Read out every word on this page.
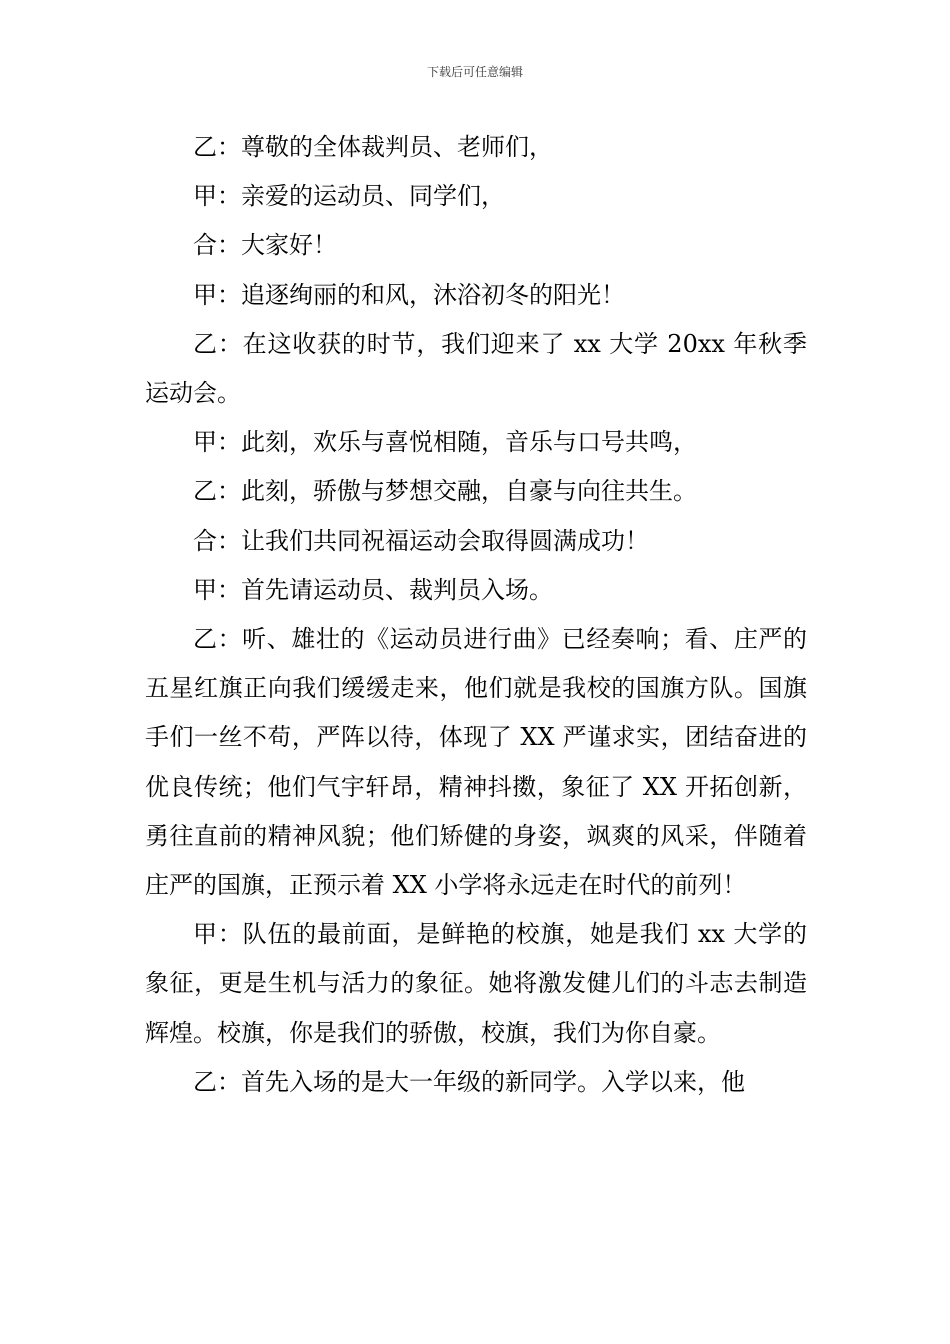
下载后可任意编辑

乙：尊敬的全体裁判员、老师们，

甲：亲爱的运动员、同学们，

合：大家好！

甲：追逐绚丽的和风，沐浴初冬的阳光！

乙：在这收获的时节，我们迎来了 xx 大学 20xx 年秋季运动会。

甲：此刻，欢乐与喜悦相随，音乐与口号共鸣，

乙：此刻，骄傲与梦想交融，自豪与向往共生。

合：让我们共同祝福运动会取得圆满成功！

甲：首先请运动员、裁判员入场。

乙：听、雄壮的《运动员进行曲》已经奏响；看、庄严的五星红旗正向我们缓缓走来，他们就是我校的国旗方队。国旗手们一丝不苟，严阵以待，体现了 XX 严谨求实，团结奋进的优良传统；他们气宇轩昂，精神抖擞，象征了 XX 开拓创新，勇往直前的精神风貌；他们矫健的身姿，飒爽的风采，伴随着庄严的国旗，正预示着 XX 小学将永远走在时代的前列！

甲：队伍的最前面，是鲜艳的校旗，她是我们 xx 大学的象征，更是生机与活力的象征。她将激发健儿们的斗志去制造辉煌。校旗，你是我们的骄傲，校旗，我们为你自豪。

乙：首先入场的是大一年级的新同学。入学以来，他
